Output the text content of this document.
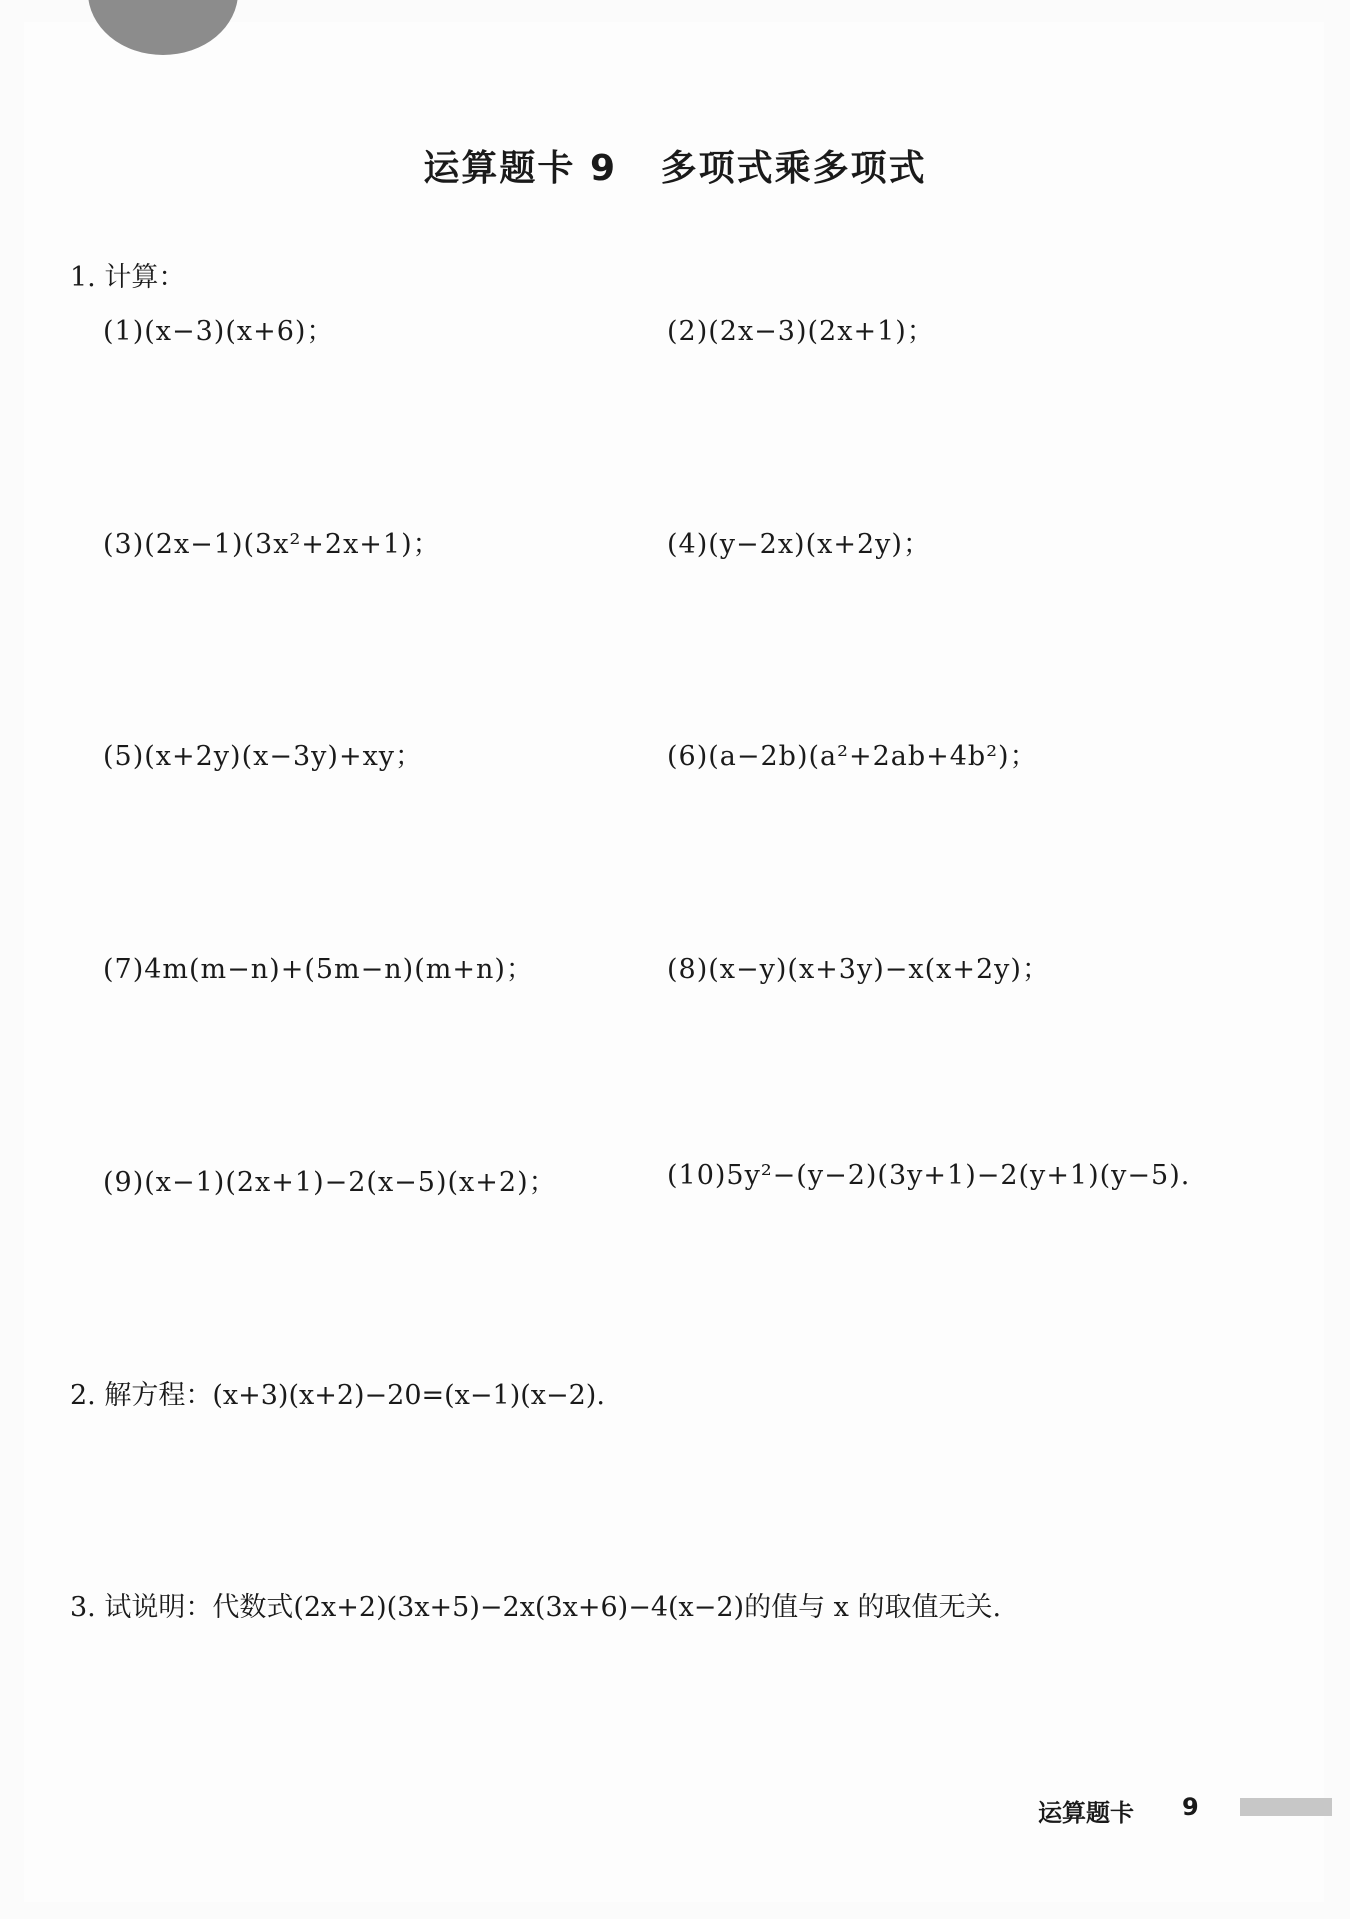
运算题卡 9   多项式乘多项式
1. 计算：
(1)(x−3)(x+6)；	(2)(2x−3)(2x+1)；
(3)(2x−1)(3x²+2x+1)；	(4)(y−2x)(x+2y)；
(5)(x+2y)(x−3y)+xy；	(6)(a−2b)(a²+2ab+4b²)；
(7)4m(m−n)+(5m−n)(m+n)；	(8)(x−y)(x+3y)−x(x+2y)；
(9)(x−1)(2x+1)−2(x−5)(x+2)；	(10)5y²−(y−2)(3y+1)−2(y+1)(y−5).
2. 解方程：(x+3)(x+2)−20=(x−1)(x−2).
3. 试说明：代数式(2x+2)(3x+5)−2x(3x+6)−4(x−2)的值与 x 的取值无关.
运算题卡 9
